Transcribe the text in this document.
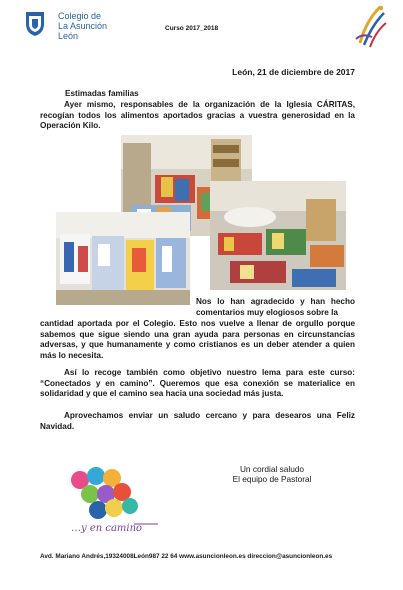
Colegio de
La Asunción
León
Curso 2017_2018
León, 21 de diciembre de 2017
Estimadas familias
Ayer mismo, responsables de la organización de la Iglesia CÁRITAS, recogían todos los alimentos aportados gracias a vuestra generosidad en la Operación Kilo.
Nos lo han agradecido y han hecho comentarios muy elogiosos sobre la
cantidad aportada por el Colegio. Esto nos vuelve a llenar de orgullo porque sabemos que sigue siendo una gran ayuda para personas en circunstancias adversas, y que humanamente y como cristianos es un deber atender a quien más lo necesita.
Así lo recoge también como objetivo nuestro lema para este curso: “Conectados y en camino”. Queremos que esa conexión se materialice en solidaridad y que el camino sea hacia una sociedad más justa.
Aprovechamos enviar un saludo cercano y para desearos una Feliz Navidad.
Un cordial saludo
El equipo de Pastoral
…y en camino
Avd. Mariano Andrés,19324008León987 22 64 www.asuncionleon.es direccion@asuncionleon.es
